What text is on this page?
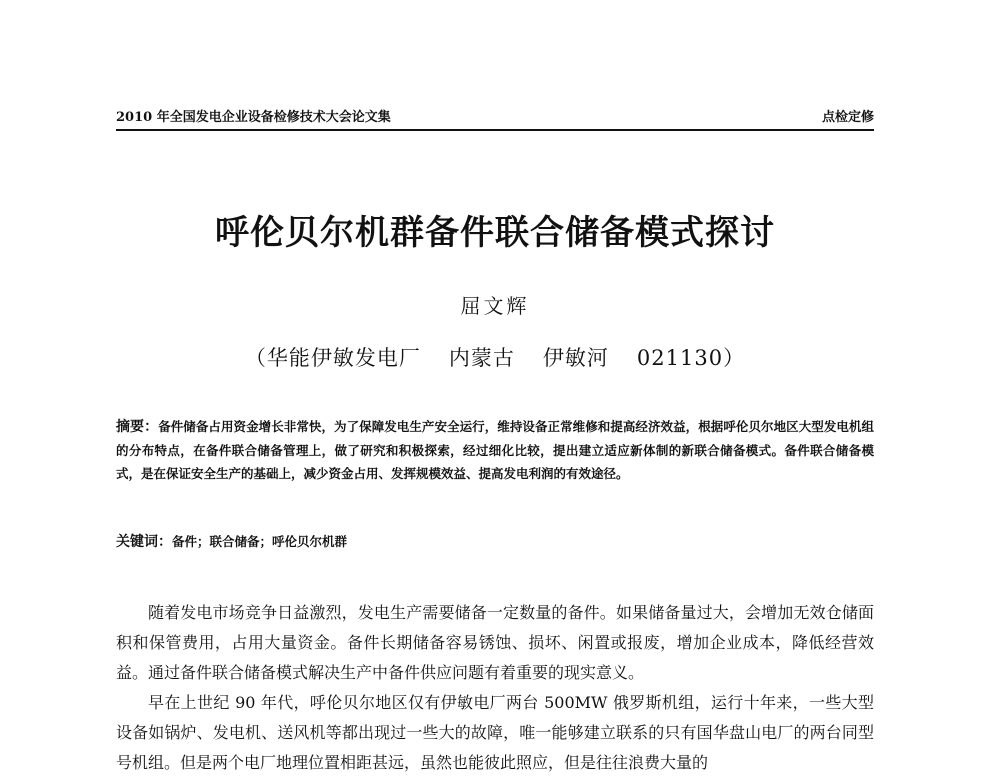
2010 年全国发电企业设备检修技术大会论文集	点检定修
呼伦贝尔机群备件联合储备模式探讨
屈文辉
（华能伊敏发电厂 内蒙古 伊敏河 021130）
摘要：备件储备占用资金增长非常快，为了保障发电生产安全运行，维持设备正常维修和提高经济效益，根据呼伦贝尔地区大型发电机组的分布特点，在备件联合储备管理上，做了研究和积极探索，经过细化比较，提出建立适应新体制的新联合储备模式。备件联合储备模式，是在保证安全生产的基础上，减少资金占用、发挥规模效益、提高发电利润的有效途径。
关键词：备件；联合储备；呼伦贝尔机群

随着发电市场竞争日益激烈，发电生产需要储备一定数量的备件。如果储备量过大，会增加无效仓储面积和保管费用，占用大量资金。备件长期储备容易锈蚀、损坏、闲置或报废，增加企业成本，降低经营效益。通过备件联合储备模式解决生产中备件供应问题有着重要的现实意义。

早在上世纪 90 年代，呼伦贝尔地区仅有伊敏电厂两台 500MW 俄罗斯机组，运行十年来，一些大型设备如锅炉、发电机、送风机等都出现过一些大的故障，唯一能够建立联系的只有国华盘山电厂的两台同型号机组。但是两个电厂地理位置相距甚远，虽然也能彼此照应，但是往往浪费大量的
